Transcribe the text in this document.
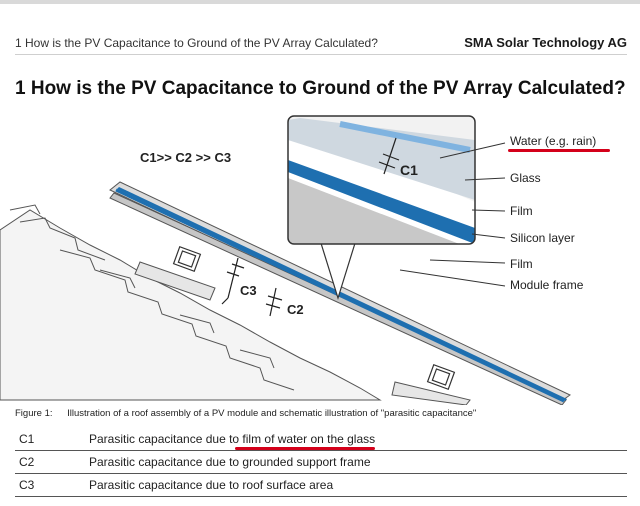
1 How is the PV Capacitance to Ground of the PV Array Calculated?	SMA Solar Technology AG
1 How is the PV Capacitance to Ground of the PV Array Calculated?
C1>> C2 >> C3
C1
C3
C2
Water (e.g. rain)
Glass
Film
Silicon layer
Film
Module frame
Figure 1: Illustration of a roof assembly of a PV module and schematic illustration of "parasitic capacitance"
C1	Parasitic capacitance due to film of water on the glass
C2	Parasitic capacitance due to grounded support frame
C3	Parasitic capacitance due to roof surface area
